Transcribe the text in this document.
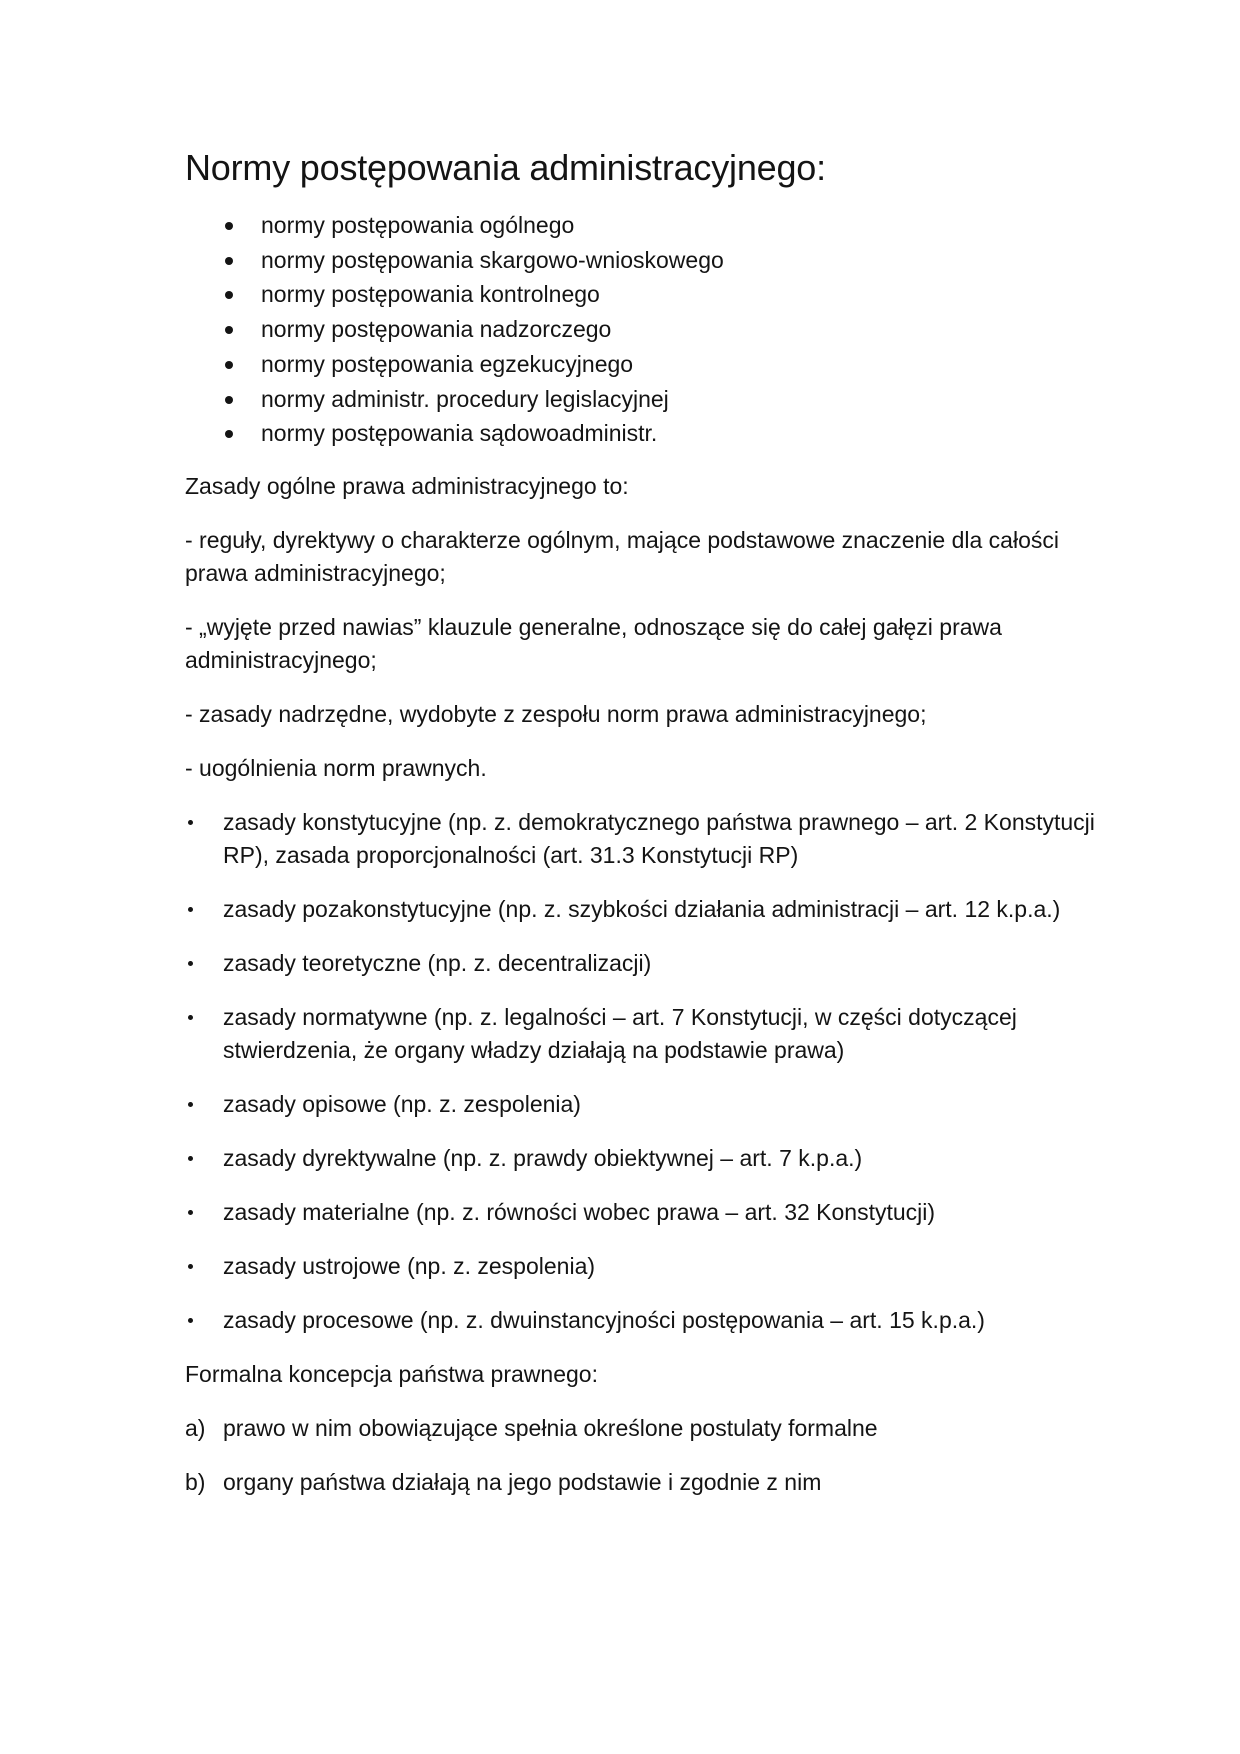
Normy postępowania administracyjnego:
normy postępowania ogólnego
normy postępowania skargowo-wnioskowego
normy postępowania kontrolnego
normy postępowania nadzorczego
normy postępowania egzekucyjnego
normy administr. procedury legislacyjnej
normy postępowania sądowoadministr.

Zasady ogólne prawa administracyjnego to:

- reguły, dyrektywy o charakterze ogólnym, mające podstawowe znaczenie dla całości prawa administracyjnego;

- „wyjęte przed nawias” klauzule generalne, odnoszące się do całej gałęzi prawa administracyjnego;

- zasady nadrzędne, wydobyte z zespołu norm prawa administracyjnego;

- uogólnienia norm prawnych.

zasady konstytucyjne (np. z. demokratycznego państwa prawnego – art. 2 Konstytucji RP), zasada proporcjonalności (art. 31.3 Konstytucji RP)
zasady pozakonstytucyjne (np. z. szybkości działania administracji – art. 12 k.p.a.)
zasady teoretyczne (np. z. decentralizacji)
zasady normatywne (np. z. legalności – art. 7 Konstytucji, w części dotyczącej stwierdzenia, że organy władzy działają na podstawie prawa)
zasady opisowe (np. z. zespolenia)
zasady dyrektywalne (np. z. prawdy obiektywnej – art. 7 k.p.a.)
zasady materialne (np. z. równości wobec prawa – art. 32 Konstytucji)
zasady ustrojowe (np. z. zespolenia)
zasady procesowe (np. z. dwuinstancyjności postępowania – art. 15 k.p.a.)

Formalna koncepcja państwa prawnego:

a) prawo w nim obowiązujące spełnia określone postulaty formalne
b) organy państwa działają na jego podstawie i zgodnie z nim
